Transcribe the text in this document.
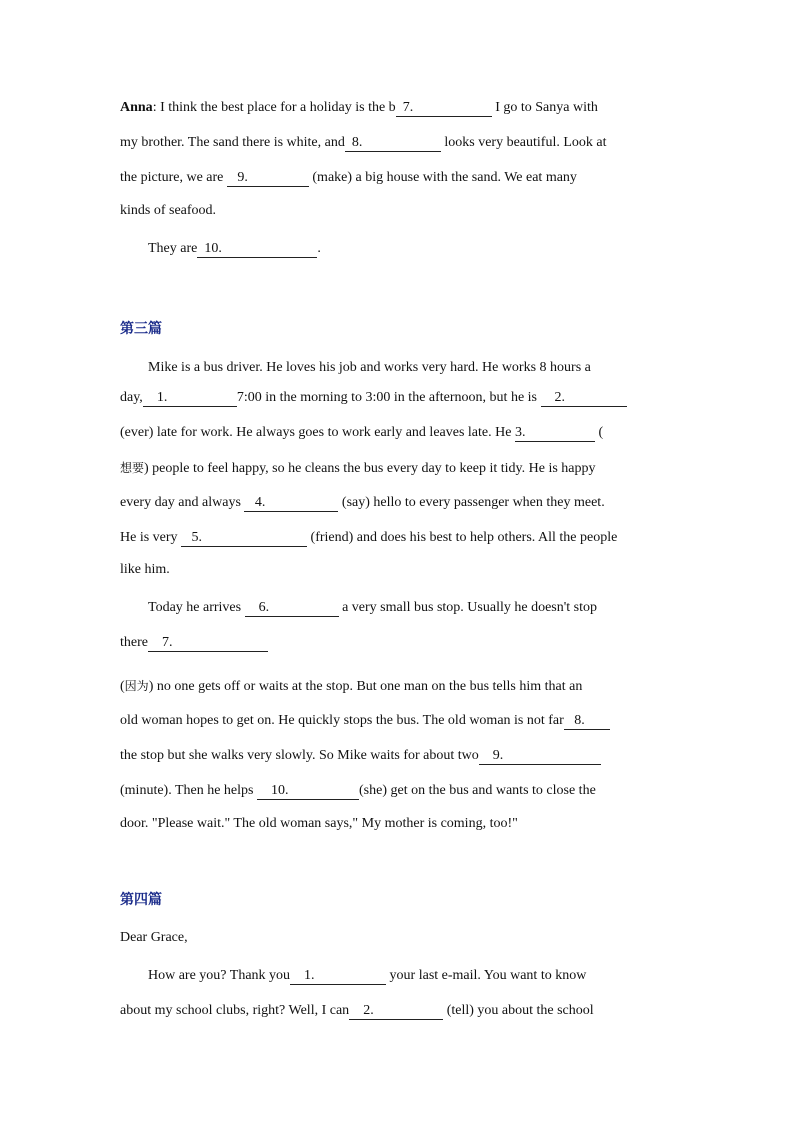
Anna: I think the best place for a holiday is the b 7.	I go to Sanya with
my brother. The sand there is white, and 8.	looks very beautiful. Look at
the picture, we are    9.	(make) a big house with the sand. We eat many
kinds of seafood.
They are 10.	.
第三篇
Mike is a bus driver. He loves his job and works very hard. He works 8 hours a
day, 1.	7:00 in the morning to 3:00 in the afternoon, but he is     2.
(ever) late for work. He always goes to work early and leaves late. He 3.	(
想要) people to feel happy, so he cleans the bus every day to keep it tidy. He is happy
every day and always    4.	(say) hello to every passenger when they meet.
He is very    5.	(friend) and does his best to help others. All the people
like him.
Today he arrives     6.	a very small bus stop. Usually he doesn't stop
there 7.
(因为) no one gets off or waits at the stop. But one man on the bus tells him that an
old woman hopes to get on. He quickly stops the bus. The old woman is not far 8.
the stop but she walks very slowly. So Mike waits for about two 9.
(minute). Then he helps     10.	(she) get on the bus and wants to close the
door. "Please wait." The old woman says," My mother is coming, too!"
第四篇
Dear Grace,
How are you? Thank you 1.	your last e-mail. You want to know
about my school clubs, right? Well, I can 2.	(tell) you about the school
